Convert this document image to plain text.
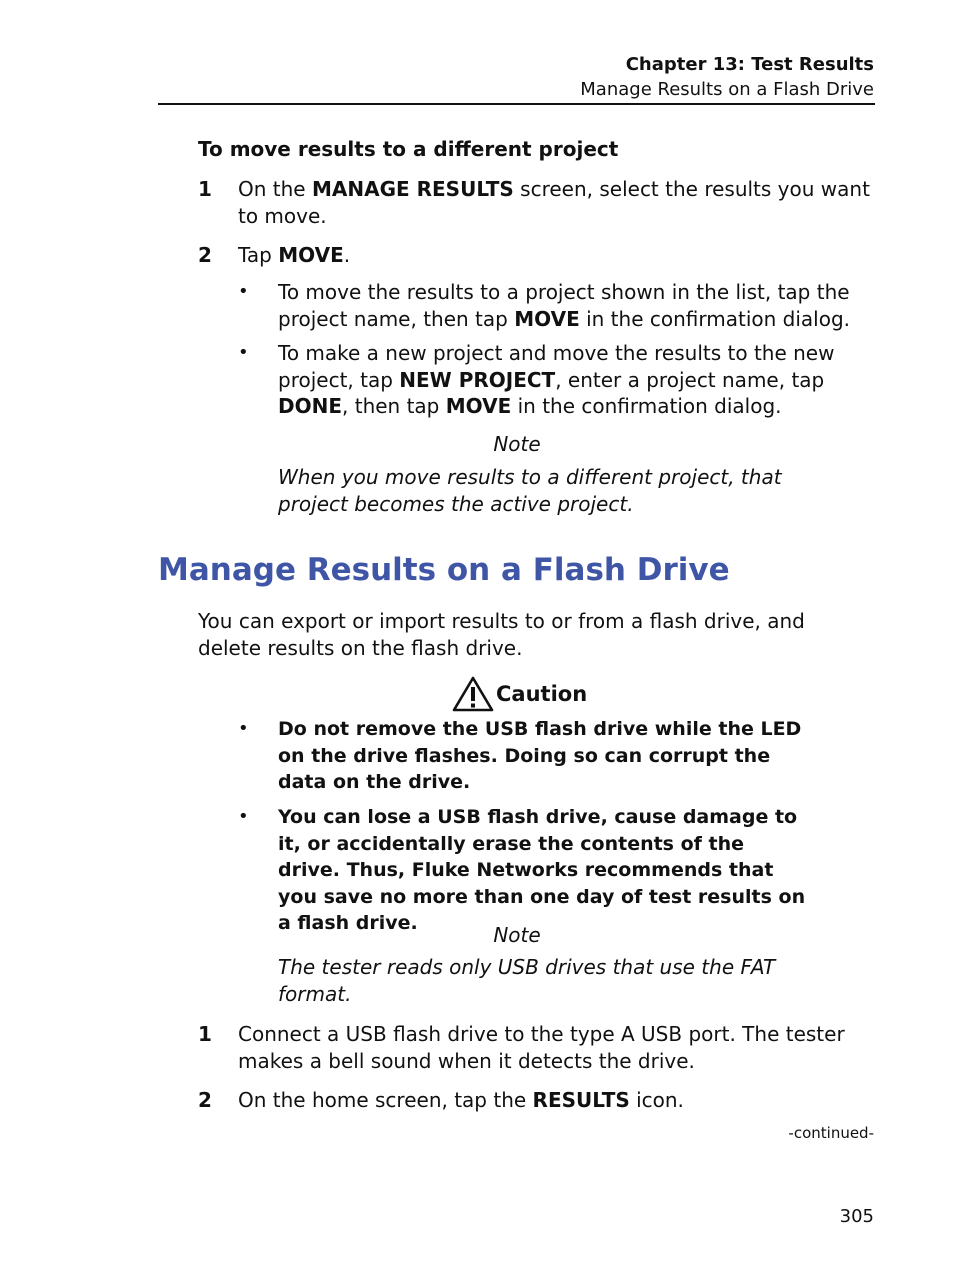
Chapter 13: Test Results
Manage Results on a Flash Drive
To move results to a different project
1 On the MANAGE RESULTS screen, select the results you want to move.
2 Tap MOVE.
• To move the results to a project shown in the list, tap the project name, then tap MOVE in the confirmation dialog.
• To make a new project and move the results to the new project, tap NEW PROJECT, enter a project name, tap DONE, then tap MOVE in the confirmation dialog.
Note
When you move results to a different project, that project becomes the active project.
Manage Results on a Flash Drive
You can export or import results to or from a flash drive, and delete results on the flash drive.
Caution
• Do not remove the USB flash drive while the LED on the drive flashes. Doing so can corrupt the data on the drive.
• You can lose a USB flash drive, cause damage to it, or accidentally erase the contents of the drive. Thus, Fluke Networks recommends that you save no more than one day of test results on a flash drive.	Note
The tester reads only USB drives that use the FAT format.
1 Connect a USB flash drive to the type A USB port. The tester makes a bell sound when it detects the drive.
2 On the home screen, tap the RESULTS icon.
-continued-
305
